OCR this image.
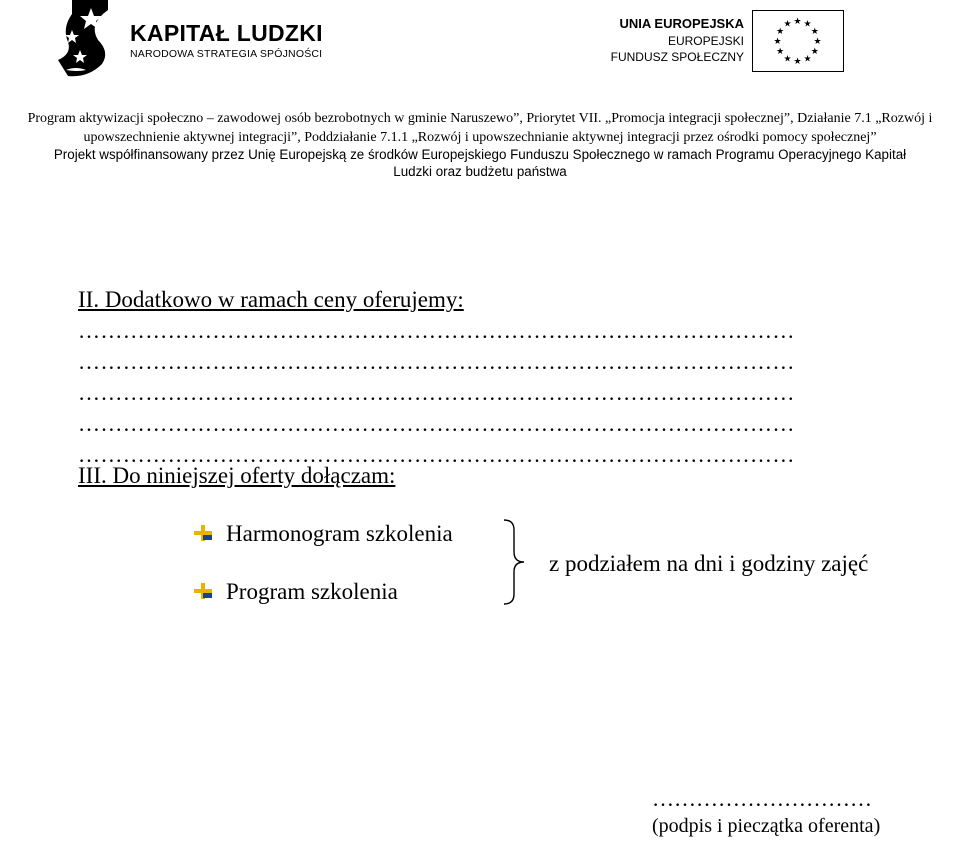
KAPITAŁ LUDZKI
NARODOWA STRATEGIA SPÓJNOŚCI
UNIA EUROPEJSKA
EUROPEJSKI
FUNDUSZ SPOŁECZNY
★ ★
★
★
★
★
★
★
★
★
★
★
Program aktywizacji społeczno – zawodowej osób bezrobotnych w gminie Naruszewo”, Priorytet VII. „Promocja integracji społecznej”, Działanie 7.1 „Rozwój i
upowszechnienie aktywnej integracji”, Poddziałanie 7.1.1 „Rozwój i upowszechnianie aktywnej integracji przez ośrodki pomocy społecznej”
Projekt współfinansowany przez Unię Europejską ze środków Europejskiego Funduszu Społecznego w ramach Programu Operacyjnego Kapitał
Ludzki oraz budżetu państwa
II. Dodatkowo w ramach ceny oferujemy:
……………………………………………………………………………………
……………………………………………………………………………………
……………………………………………………………………………………
……………………………………………………………………………………
……………………………………………………………………………………
III. Do niniejszej oferty dołączam:
Harmonogram szkolenia
Program szkolenia
z podziałem na dni i godziny zajęć
…………………………
(podpis i pieczątka oferenta)
